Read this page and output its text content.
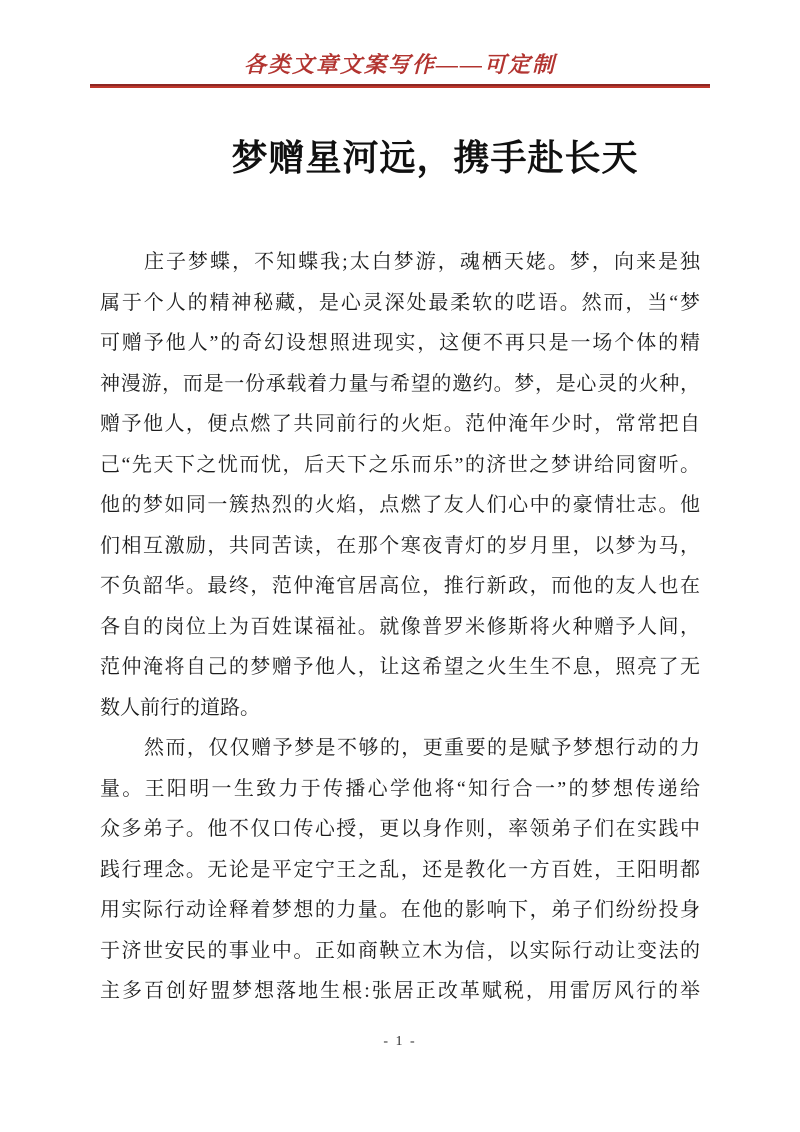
各类文章文案写作——可定制
梦赠星河远，携手赴长天
庄子梦蝶，不知蝶我;太白梦游，魂栖天姥。梦，向来是独
属于个人的精神秘藏，是心灵深处最柔软的呓语。然而，当“梦
可赠予他人”的奇幻设想照进现实，这便不再只是一场个体的精
神漫游，而是一份承载着力量与希望的邀约。梦，是心灵的火种，
赠予他人，便点燃了共同前行的火炬。范仲淹年少时，常常把自
己“先天下之忧而忧，后天下之乐而乐”的济世之梦讲给同窗听。
他的梦如同一簇热烈的火焰，点燃了友人们心中的豪情壮志。他
们相互激励，共同苦读，在那个寒夜青灯的岁月里，以梦为马，
不负韶华。最终，范仲淹官居高位，推行新政，而他的友人也在
各自的岗位上为百姓谋福祉。就像普罗米修斯将火种赠予人间，
范仲淹将自己的梦赠予他人，让这希望之火生生不息，照亮了无
数人前行的道路。
然而，仅仅赠予梦是不够的，更重要的是赋予梦想行动的力
量。王阳明一生致力于传播心学他将“知行合一”的梦想传递给
众多弟子。他不仅口传心授，更以身作则，率领弟子们在实践中
践行理念。无论是平定宁王之乱，还是教化一方百姓，王阳明都
用实际行动诠释着梦想的力量。在他的影响下，弟子们纷纷投身
于济世安民的事业中。正如商鞅立木为信，以实际行动让变法的
主多百创好盟梦想落地生根:张居正改革赋税，用雷厉风行的举
- 1 -
